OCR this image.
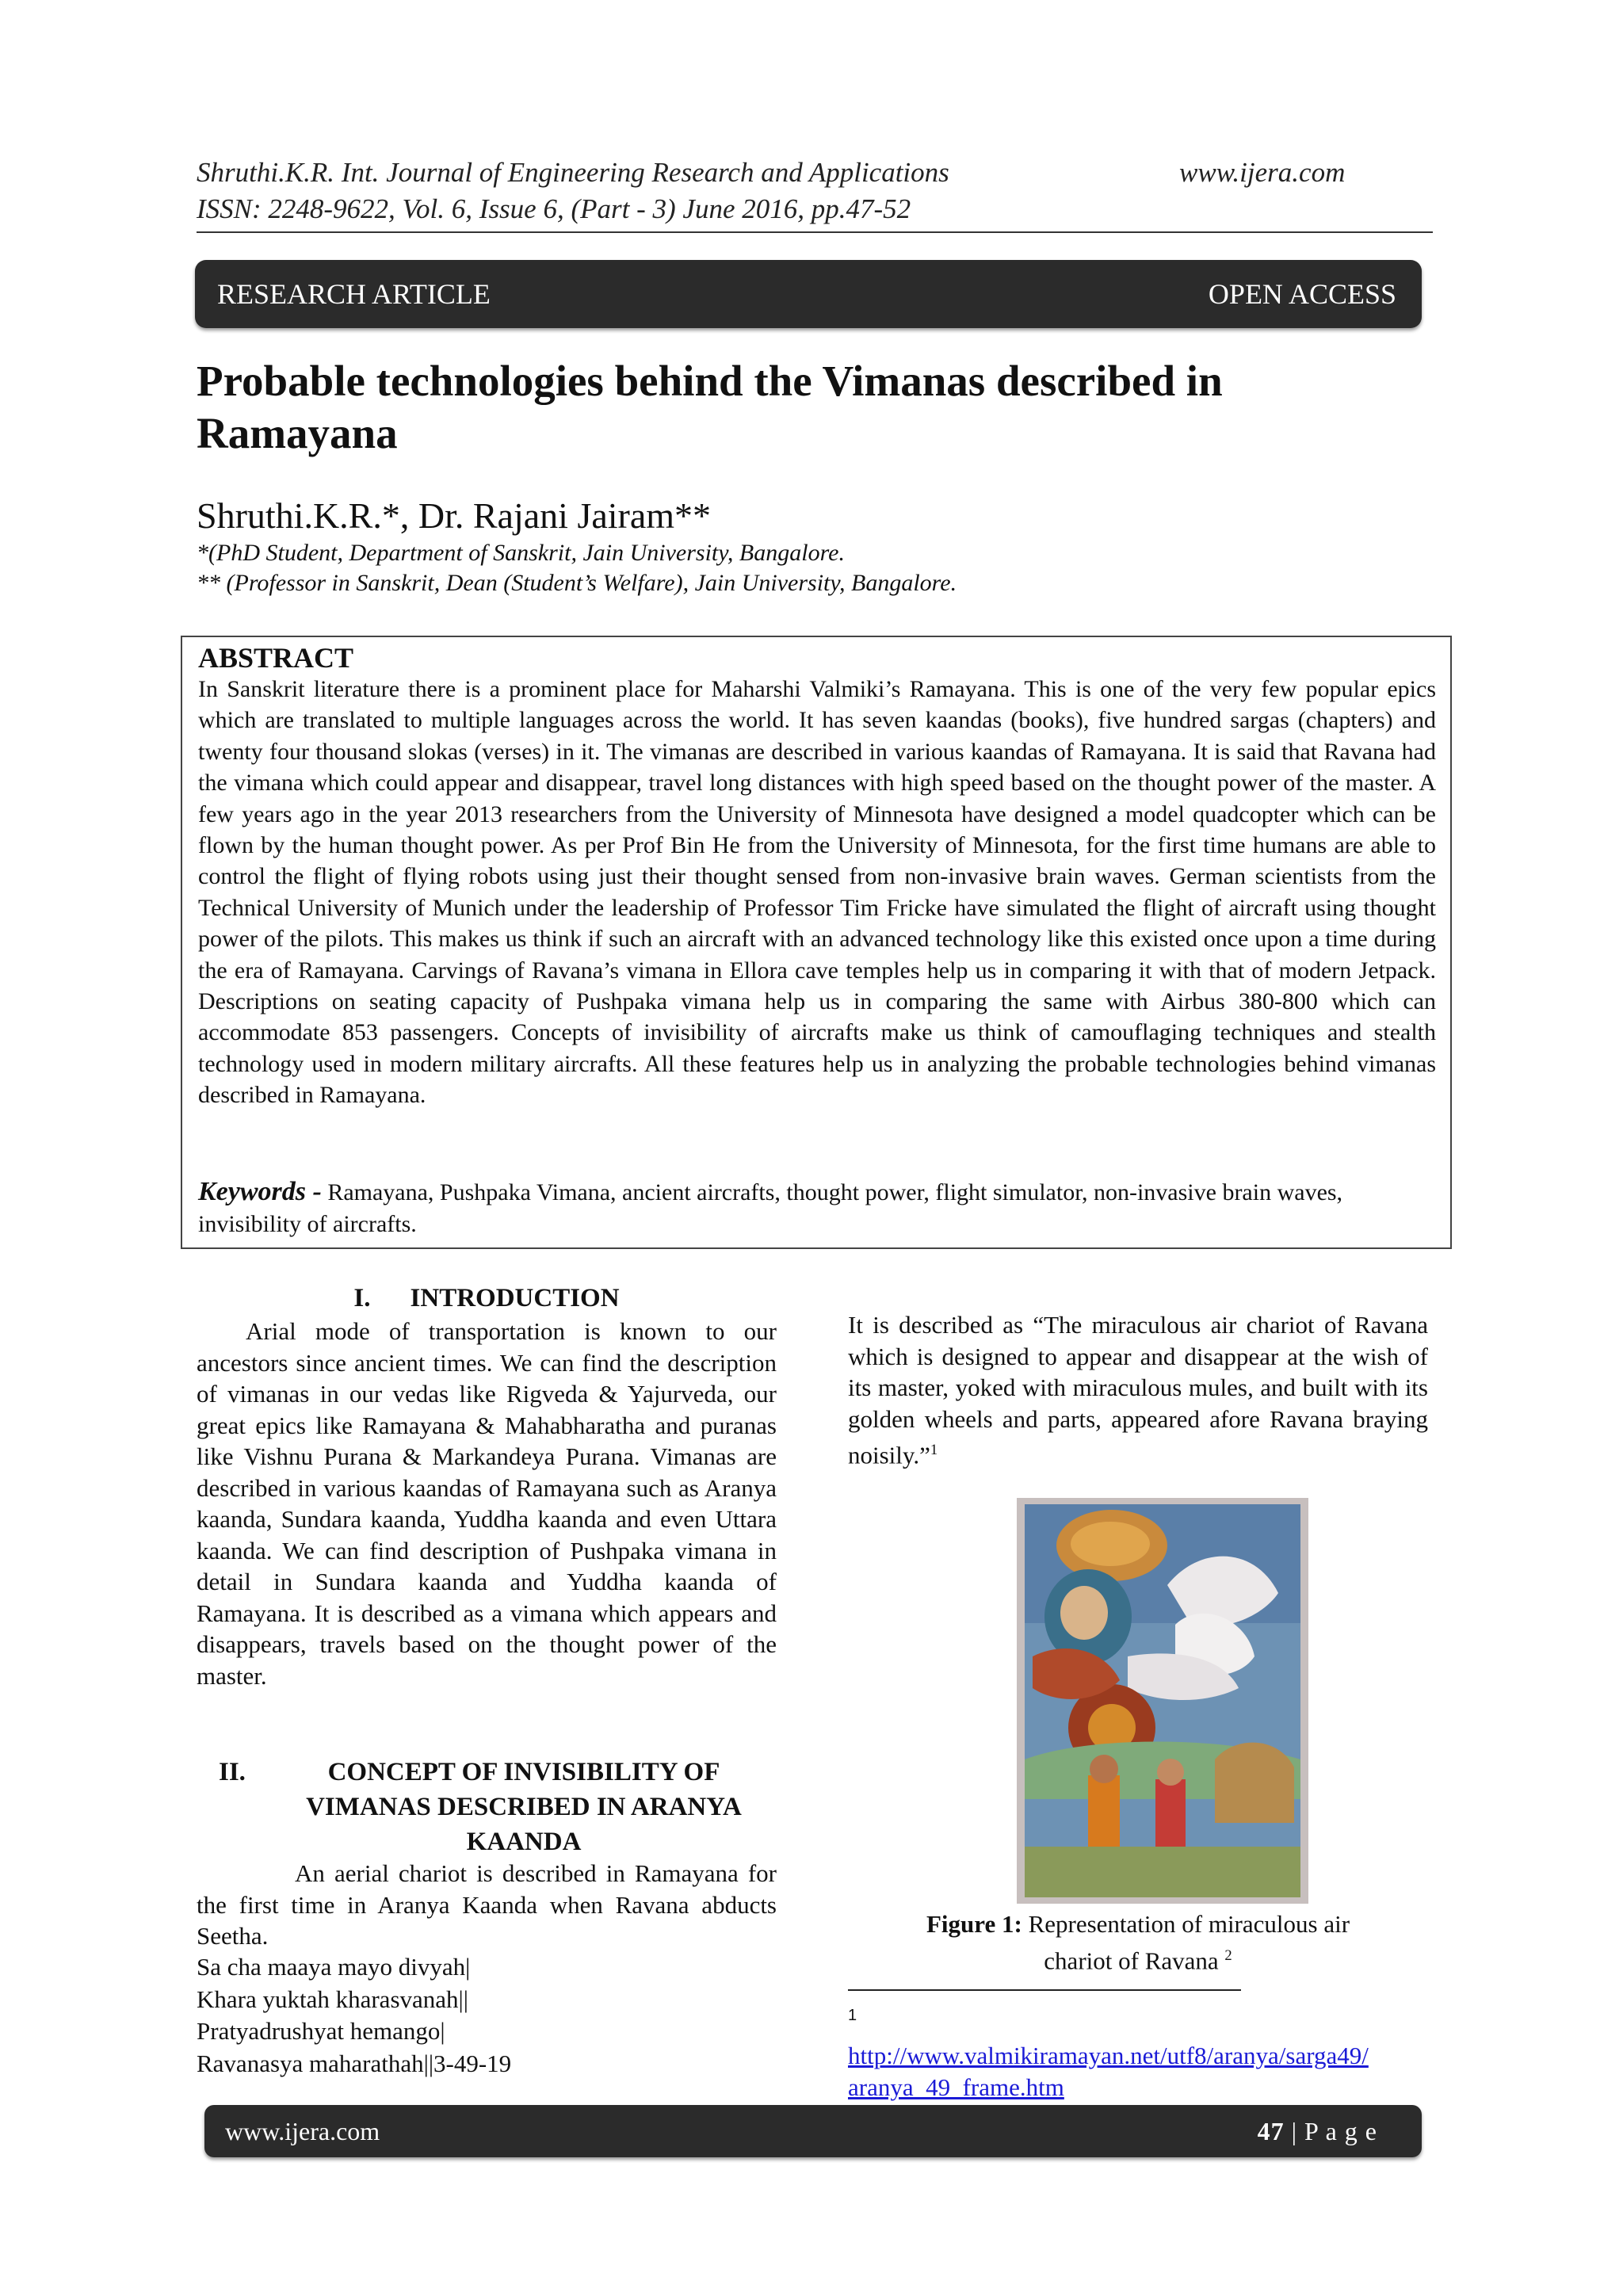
Shruthi.K.R. Int. Journal of Engineering Research and Applications	www.ijera.com
ISSN: 2248-9622, Vol. 6, Issue 6, (Part - 3) June 2016, pp.47-52
RESEARCH ARTICLE	OPEN ACCESS
Probable technologies behind the Vimanas described in
Ramayana
Shruthi.K.R.*, Dr. Rajani Jairam**
*(PhD Student, Department of Sanskrit, Jain University, Bangalore.
** (Professor in Sanskrit, Dean (Student’s Welfare), Jain University, Bangalore.
ABSTRACT
In Sanskrit literature there is a prominent place for Maharshi Valmiki’s Ramayana. This is one of the very few popular epics which are translated to multiple languages across the world. It has seven kaandas (books), five hundred sargas (chapters) and twenty four thousand slokas (verses) in it. The vimanas are described in various kaandas of Ramayana. It is said that Ravana had the vimana which could appear and disappear, travel long distances with high speed based on the thought power of the master. A few years ago in the year 2013 researchers from the University of Minnesota have designed a model quadcopter which can be flown by the human thought power. As per Prof Bin He from the University of Minnesota, for the first time humans are able to control the flight of flying robots using just their thought sensed from non-invasive brain waves. German scientists from the Technical University of Munich under the leadership of Professor Tim Fricke have simulated the flight of aircraft using thought power of the pilots. This makes us think if such an aircraft with an advanced technology like this existed once upon a time during the era of Ramayana. Carvings of Ravana’s vimana in Ellora cave temples help us in comparing it with that of modern Jetpack. Descriptions on seating capacity of Pushpaka vimana help us in comparing the same with Airbus 380-800 which can accommodate 853 passengers. Concepts of invisibility of aircrafts make us think of camouflaging techniques and stealth technology used in modern military aircrafts. All these features help us in analyzing the probable technologies behind vimanas described in Ramayana.
Keywords - Ramayana, Pushpaka Vimana, ancient aircrafts, thought power, flight simulator, non-invasive brain waves, invisibility of aircrafts.
I. INTRODUCTION
Arial mode of transportation is known to our ancestors since ancient times. We can find the description of vimanas in our vedas like Rigveda & Yajurveda, our great epics like Ramayana & Mahabharatha and puranas like Vishnu Purana & Markandeya Purana. Vimanas are described in various kaandas of Ramayana such as Aranya kaanda, Sundara kaanda, Yuddha kaanda and even Uttara kaanda. We can find description of Pushpaka vimana in detail in Sundara kaanda and Yuddha kaanda of Ramayana. It is described as a vimana which appears and disappears, travels based on the thought power of the master.
II.	CONCEPT OF INVISIBILITY OF
VIMANAS DESCRIBED IN ARANYA
KAANDA
An aerial chariot is described in Ramayana for the first time in Aranya Kaanda when Ravana abducts Seetha.
Sa cha maaya mayo divyah|
Khara yuktah kharasvanah||
Pratyadrushyat hemango|
Ravanasya maharathah||3-49-19
It is described as “The miraculous air chariot of Ravana which is designed to appear and disappear at the wish of its master, yoked with miraculous mules, and built with its golden wheels and parts, appeared afore Ravana braying noisily.”$^1$
Figure 1: Representation of miraculous air
chariot of Ravana $^2$
1
http://www.valmikiramayan.net/utf8/aranya/sarga49/
aranya_49_frame.htm
www.ijera.com	47 | P a g e
